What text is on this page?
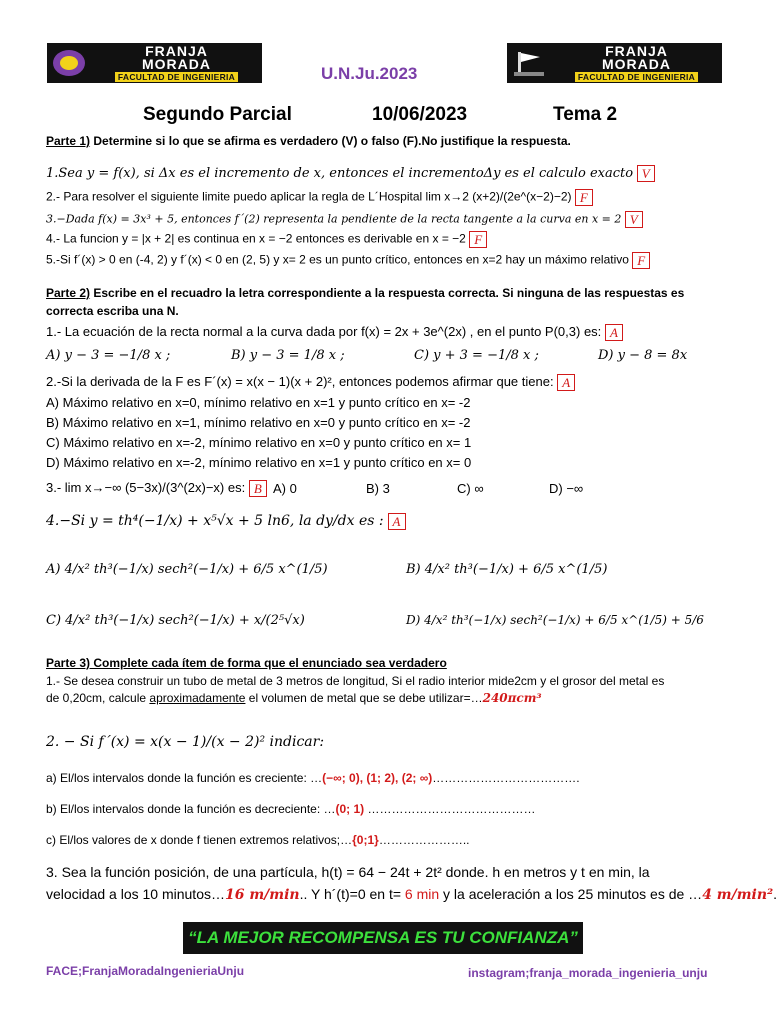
FRANJA
MORADA
FACULTAD DE INGENIERIA	U.N.Ju.2023
FRANJA
MORADA
FACULTAD DE INGENIERIA
Segundo Parcial	10/06/2023	Tema 2
Parte 1) Determine si lo que se afirma es verdadero (V) o falso (F).No justifique la respuesta.
1.Sea y = f(x), si Δx es el incremento de x, entonces el incrementoΔy es el calculo exacto V
2.- Para resolver el siguiente limite puedo aplicar la regla de L´Hospital lim x→2 (x+2)/(2e^(x−2)−2) F
3.−Dada f(x) = 3x³ + 5, entonces f´(2) representa la pendiente de la recta tangente a la curva en x = 2 V
4.- La funcion y = |x + 2| es continua en x = −2 entonces es derivable en x = −2 F
5.-Si f´(x) > 0 en (-4, 2) y f´(x) < 0 en (2, 5) y x= 2 es un punto crítico, entonces en x=2 hay un máximo relativo F
Parte 2) Escribe en el recuadro la letra correspondiente a la respuesta correcta. Si ninguna de las respuestas es
correcta escriba una N.
1.- La ecuación de la recta normal a la curva dada por f(x) = 2x + 3e^(2x) , en el punto P(0,3) es: A
A) y − 3 = −1/8 x ;	B) y − 3 = 1/8 x ;	C) y + 3 = −1/8 x ;	D) y − 8 = 8x
2.-Si la derivada de la F es F´(x) = x(x − 1)(x + 2)², entonces podemos afirmar que tiene: A
A) Máximo relativo en x=0, mínimo relativo en x=1 y punto crítico en x= -2
B) Máximo relativo en x=1, mínimo relativo en x=0 y punto crítico en x= -2
C) Máximo relativo en x=-2, mínimo relativo en x=0 y punto crítico en x= 1
D) Máximo relativo en x=-2, mínimo relativo en x=1 y punto crítico en x= 0
3.- lim x→−∞ (5−3x)/(3^(2x)−x) es: B A) 0	B) 3	C) ∞	D) −∞
4.−Si y = th⁴(−1/x) + x⁵√x + 5 ln6, la dy/dx es : A
A) 4/x² th³(−1/x) sech²(−1/x) + 6/5 x^(1/5)	B) 4/x² th³(−1/x) + 6/5 x^(1/5)
C) 4/x² th³(−1/x) sech²(−1/x) + x/(2⁵√x)	D) 4/x² th³(−1/x) sech²(−1/x) + 6/5 x^(1/5) + 5/6
Parte 3) Complete cada ítem de forma que el enunciado sea verdadero
1.- Se desea construir un tubo de metal de 3 metros de longitud, Si el radio interior mide2cm y el grosor del metal es
de 0,20cm, calcule aproximadamente el volumen de metal que se debe utilizar=…240πcm³
2. − Si f´(x) = x(x − 1)/(x − 2)² indicar:
a) El/los intervalos donde la función es creciente: …(−∞; 0), (1; 2), (2; ∞)……………………………….
b) El/los intervalos donde la función es decreciente: …(0; 1) ……………………………………
c) El/los valores de x donde f tienen extremos relativos;…{0;1}…………………..
3. Sea la función posición, de una partícula, h(t) = 64 − 24t + 2t² donde. h en metros y t en min, la
velocidad a los 10 minutos…16 m/min.. Y h´(t)=0 en t= 6 min y la aceleración a los 25 minutos es de …4 m/min².
“LA MEJOR RECOMPENSA ES TU CONFIANZA”
FACE;FranjaMoradaIngenieriaUnju	instagram;franja_morada_ingenieria_unju
